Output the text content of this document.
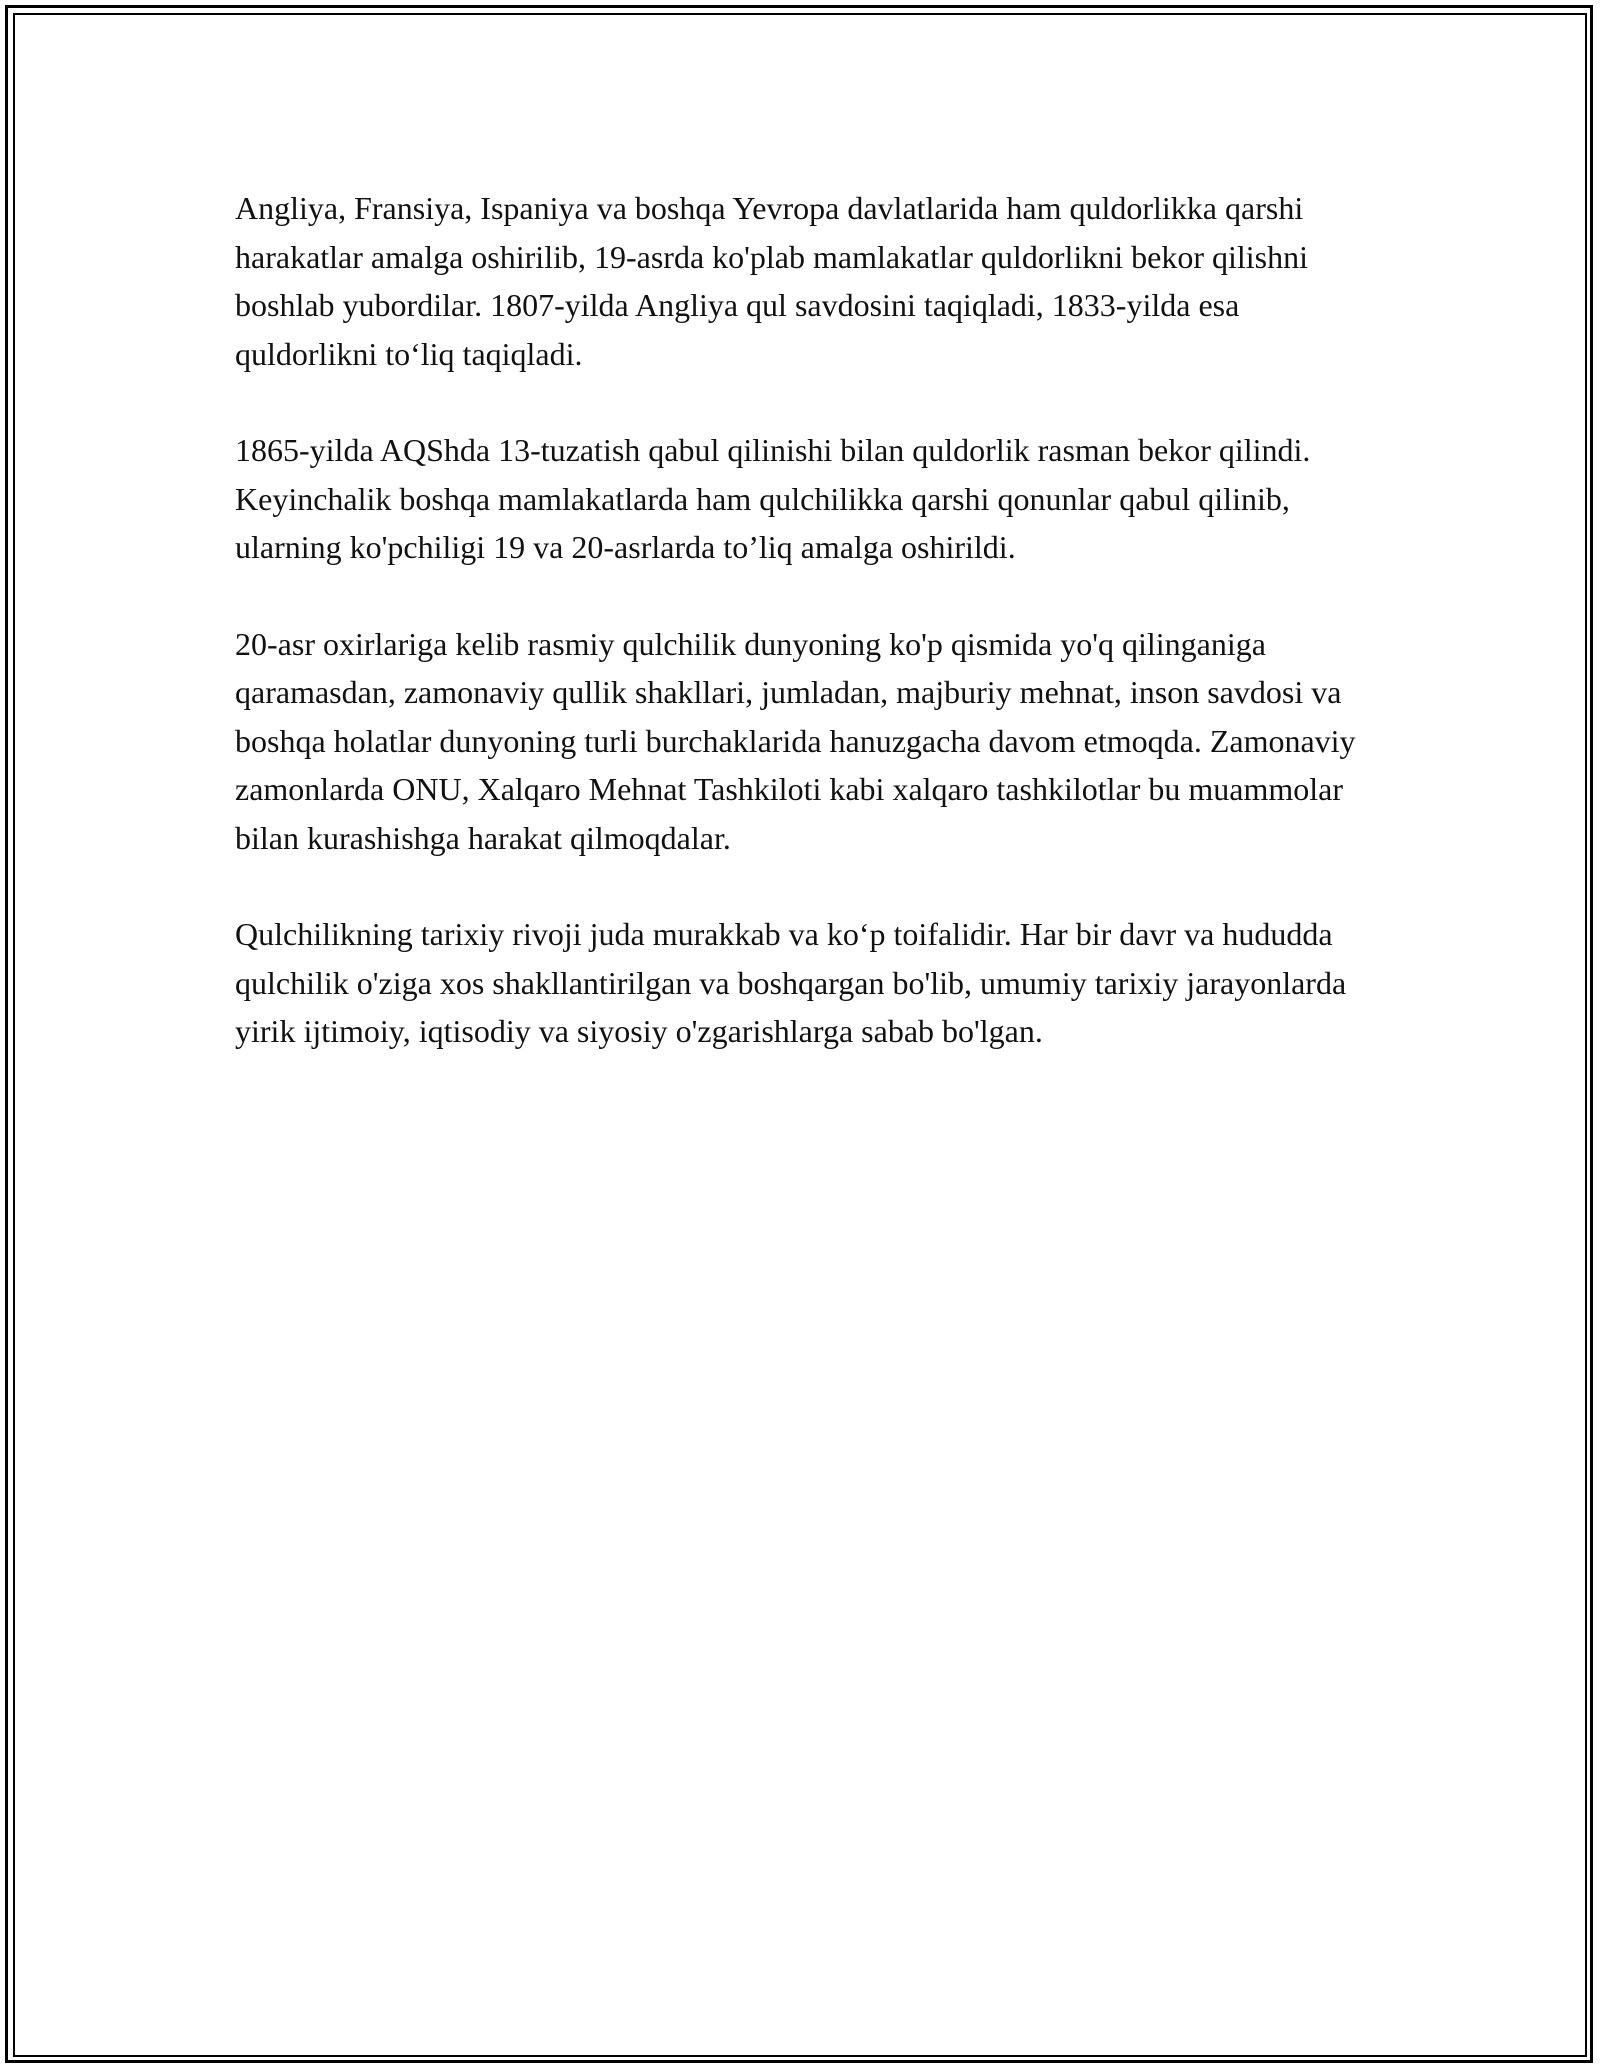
Angliya, Fransiya, Ispaniya va boshqa Yevropa davlatlarida ham quldorlikka qarshi harakatlar amalga oshirilib, 19-asrda ko'plab mamlakatlar quldorlikni bekor qilishni boshlab yubordilar. 1807-yilda Angliya qul savdosini taqiqladi, 1833-yilda esa quldorlikni to‘liq taqiqladi.

1865-yilda AQShda 13-tuzatish qabul qilinishi bilan quldorlik rasman bekor qilindi. Keyinchalik boshqa mamlakatlarda ham qulchilikka qarshi qonunlar qabul qilinib, ularning ko'pchiligi 19 va 20-asrlarda to’liq amalga oshirildi.

20-asr oxirlariga kelib rasmiy qulchilik dunyoning ko'p qismida yo'q qilinganiga qaramasdan, zamonaviy qullik shakllari, jumladan, majburiy mehnat, inson savdosi va boshqa holatlar dunyoning turli burchaklarida hanuzgacha davom etmoqda. Zamonaviy zamonlarda ONU, Xalqaro Mehnat Tashkiloti kabi xalqaro tashkilotlar bu muammolar bilan kurashishga harakat qilmoqdalar.

Qulchilikning tarixiy rivoji juda murakkab va ko‘p toifalidir. Har bir davr va hududda qulchilik o'ziga xos shakllantirilgan va boshqargan bo'lib, umumiy tarixiy jarayonlarda yirik ijtimoiy, iqtisodiy va siyosiy o'zgarishlarga sabab bo'lgan.
